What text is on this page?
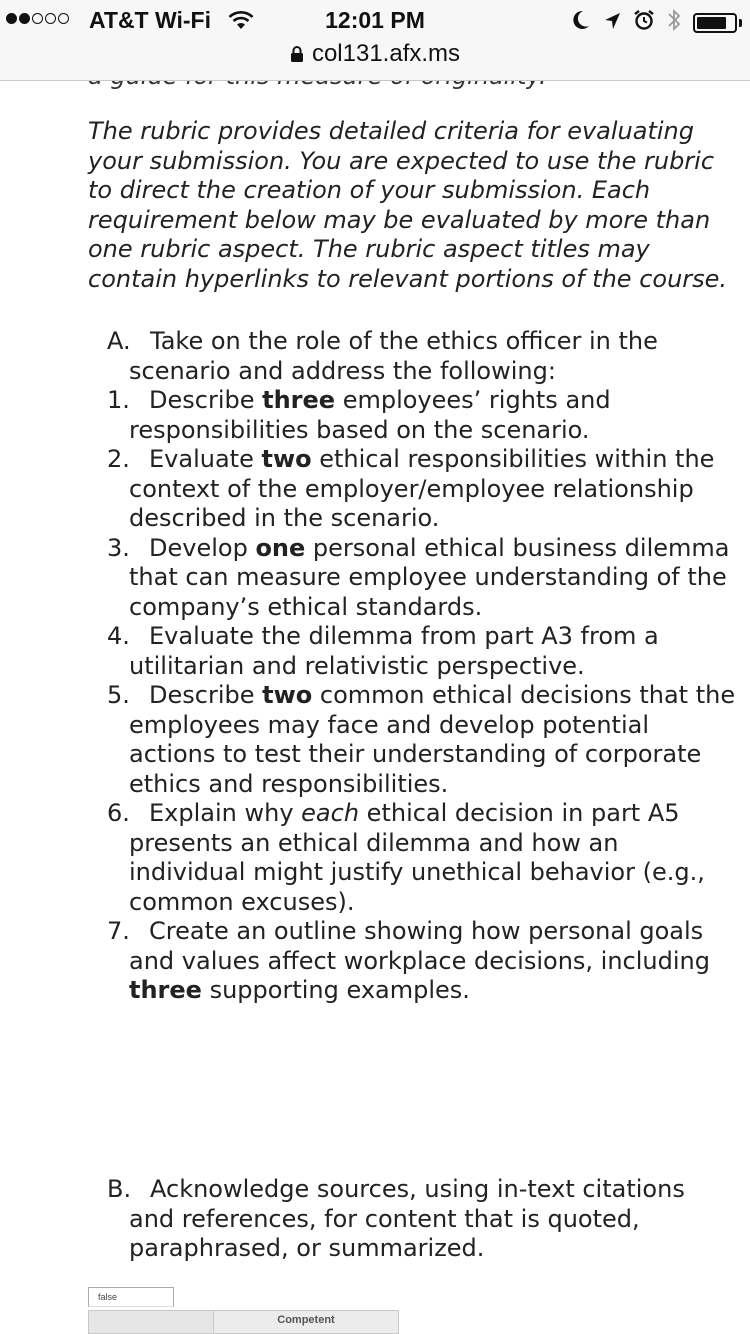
AT&T Wi-Fi	12:01 PM
col131.afx.ms
The rubric provides detailed criteria for evaluating your submission. You are expected to use the rubric to direct the creation of your submission. Each requirement below may be evaluated by more than one rubric aspect. The rubric aspect titles may contain hyperlinks to relevant portions of the course.
A. Take on the role of the ethics officer in the scenario and address the following:
1. Describe three employees’ rights and responsibilities based on the scenario.
2. Evaluate two ethical responsibilities within the context of the employer/employee relationship described in the scenario.
3. Develop one personal ethical business dilemma that can measure employee understanding of the company’s ethical standards.
4. Evaluate the dilemma from part A3 from a utilitarian and relativistic perspective.
5. Describe two common ethical decisions that the employees may face and develop potential actions to test their understanding of corporate ethics and responsibilities.
6. Explain why each ethical decision in part A5 presents an ethical dilemma and how an individual might justify unethical behavior (e.g., common excuses).
7. Create an outline showing how personal goals and values affect workplace decisions, including three supporting examples.
B. Acknowledge sources, using in-text citations and references, for content that is quoted, paraphrased, or summarized.
false
Competent
